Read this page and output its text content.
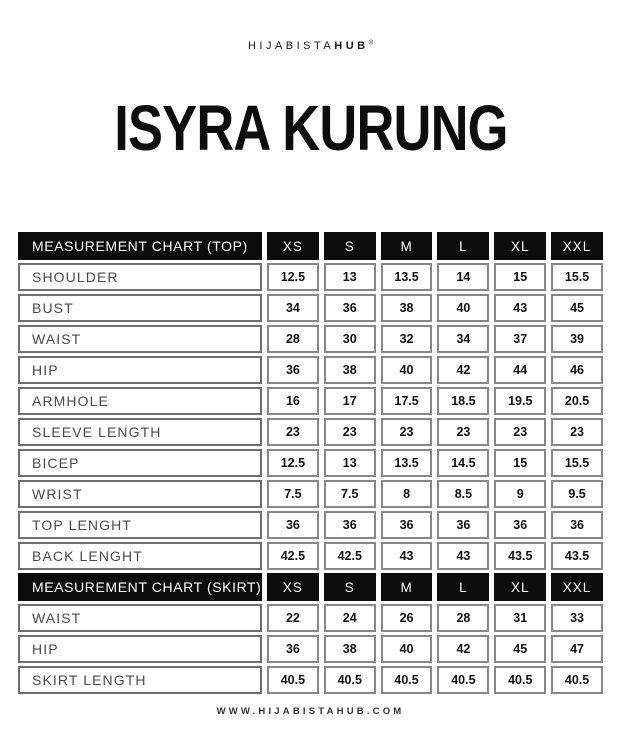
HIJABISTAHUB®
ISYRA KURUNG
MEASUREMENT CHART (TOP)	XS	S	M	L	XL	XXL
SHOULDER	12.5	13	13.5	14	15	15.5
BUST	34	36	38	40	43	45
WAIST	28	30	32	34	37	39
HIP	36	38	40	42	44	46
ARMHOLE	16	17	17.5	18.5	19.5	20.5
SLEEVE LENGTH	23	23	23	23	23	23
BICEP	12.5	13	13.5	14.5	15	15.5
WRIST	7.5	7.5	8	8.5	9	9.5
TOP LENGHT	36	36	36	36	36	36
BACK LENGHT	42.5	42.5	43	43	43.5	43.5
MEASUREMENT CHART (SKIRT)	XS	S	M	L	XL	XXL
WAIST	22	24	26	28	31	33
HIP	36	38	40	42	45	47
SKIRT LENGTH	40.5	40.5	40.5	40.5	40.5	40.5
WWW.HIJABISTAHUB.COM
